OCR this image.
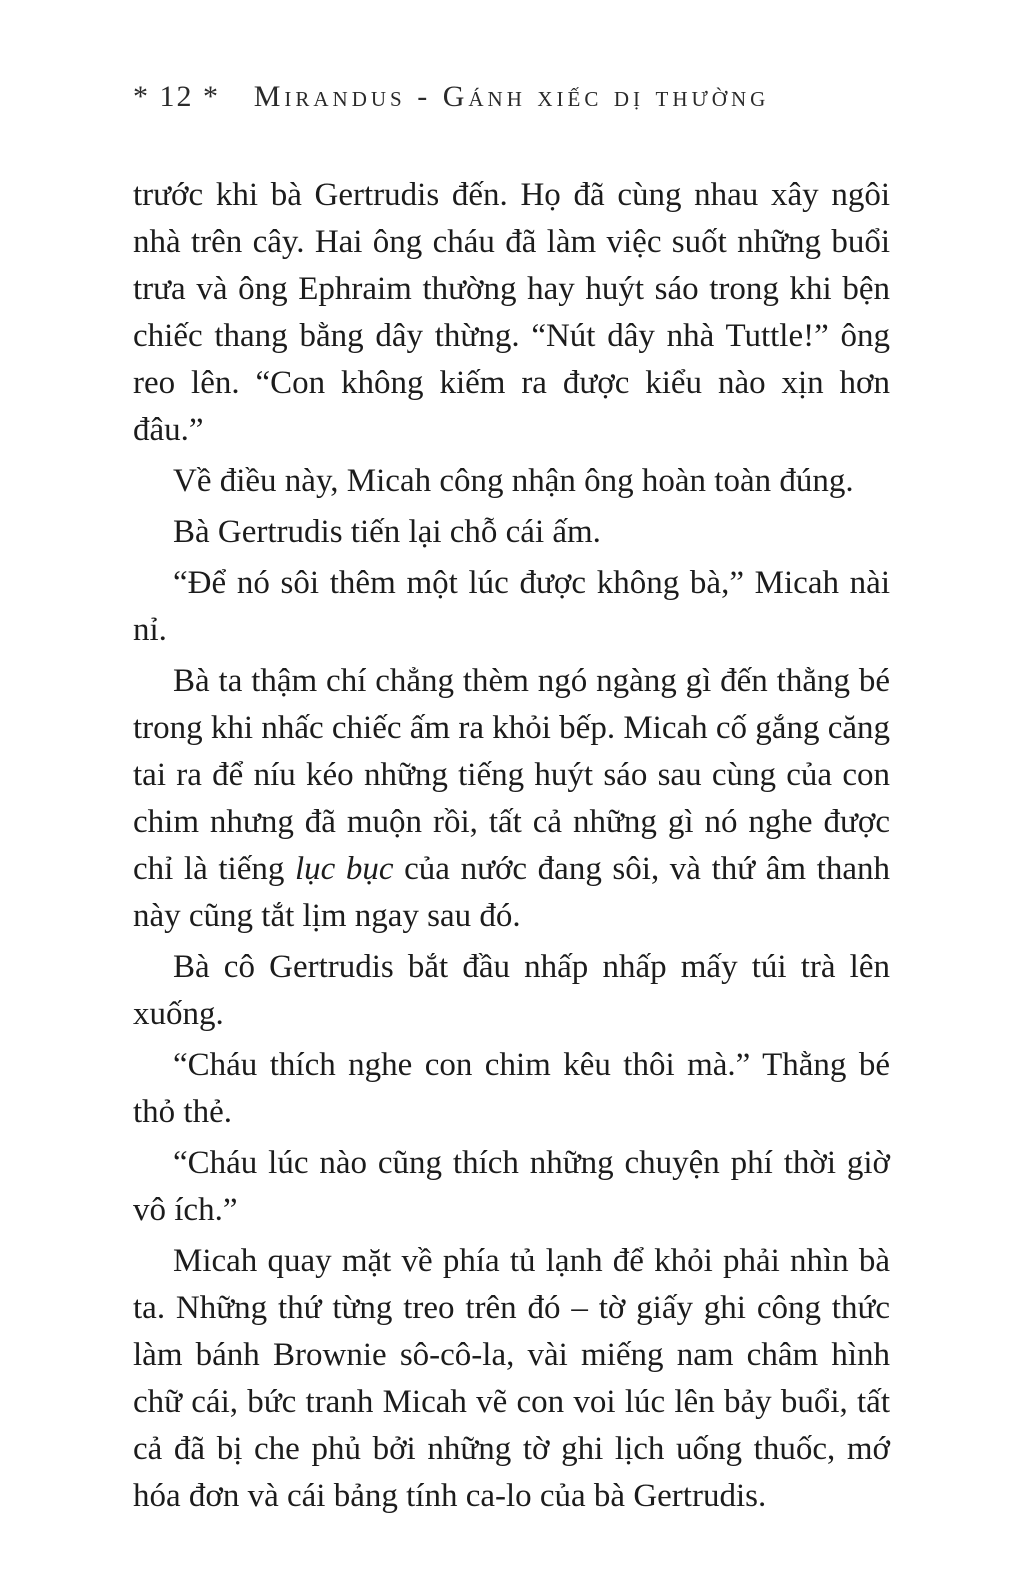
* 12 *	Mirandus - Gánh xiếc dị thường

trước khi bà Gertrudis đến. Họ đã cùng nhau xây ngôi nhà trên cây. Hai ông cháu đã làm việc suốt những buổi trưa và ông Ephraim thường hay huýt sáo trong khi bện chiếc thang bằng dây thừng. “Nút dây nhà Tuttle!” ông reo lên. “Con không kiếm ra được kiểu nào xịn hơn đâu.”

Về điều này, Micah công nhận ông hoàn toàn đúng.

Bà Gertrudis tiến lại chỗ cái ấm.

“Để nó sôi thêm một lúc được không bà,” Micah nài nỉ.

Bà ta thậm chí chẳng thèm ngó ngàng gì đến thằng bé trong khi nhấc chiếc ấm ra khỏi bếp. Micah cố gắng căng tai ra để níu kéo những tiếng huýt sáo sau cùng của con chim nhưng đã muộn rồi, tất cả những gì nó nghe được chỉ là tiếng lục bục của nước đang sôi, và thứ âm thanh này cũng tắt lịm ngay sau đó.

Bà cô Gertrudis bắt đầu nhấp nhấp mấy túi trà lên xuống.

“Cháu thích nghe con chim kêu thôi mà.” Thằng bé thỏ thẻ.

“Cháu lúc nào cũng thích những chuyện phí thời giờ vô ích.”

Micah quay mặt về phía tủ lạnh để khỏi phải nhìn bà ta. Những thứ từng treo trên đó – tờ giấy ghi công thức làm bánh Brownie sô-cô-la, vài miếng nam châm hình chữ cái, bức tranh Micah vẽ con voi lúc lên bảy buổi, tất cả đã bị che phủ bởi những tờ ghi lịch uống thuốc, mớ hóa đơn và cái bảng tính ca-lo của bà Gertrudis.
